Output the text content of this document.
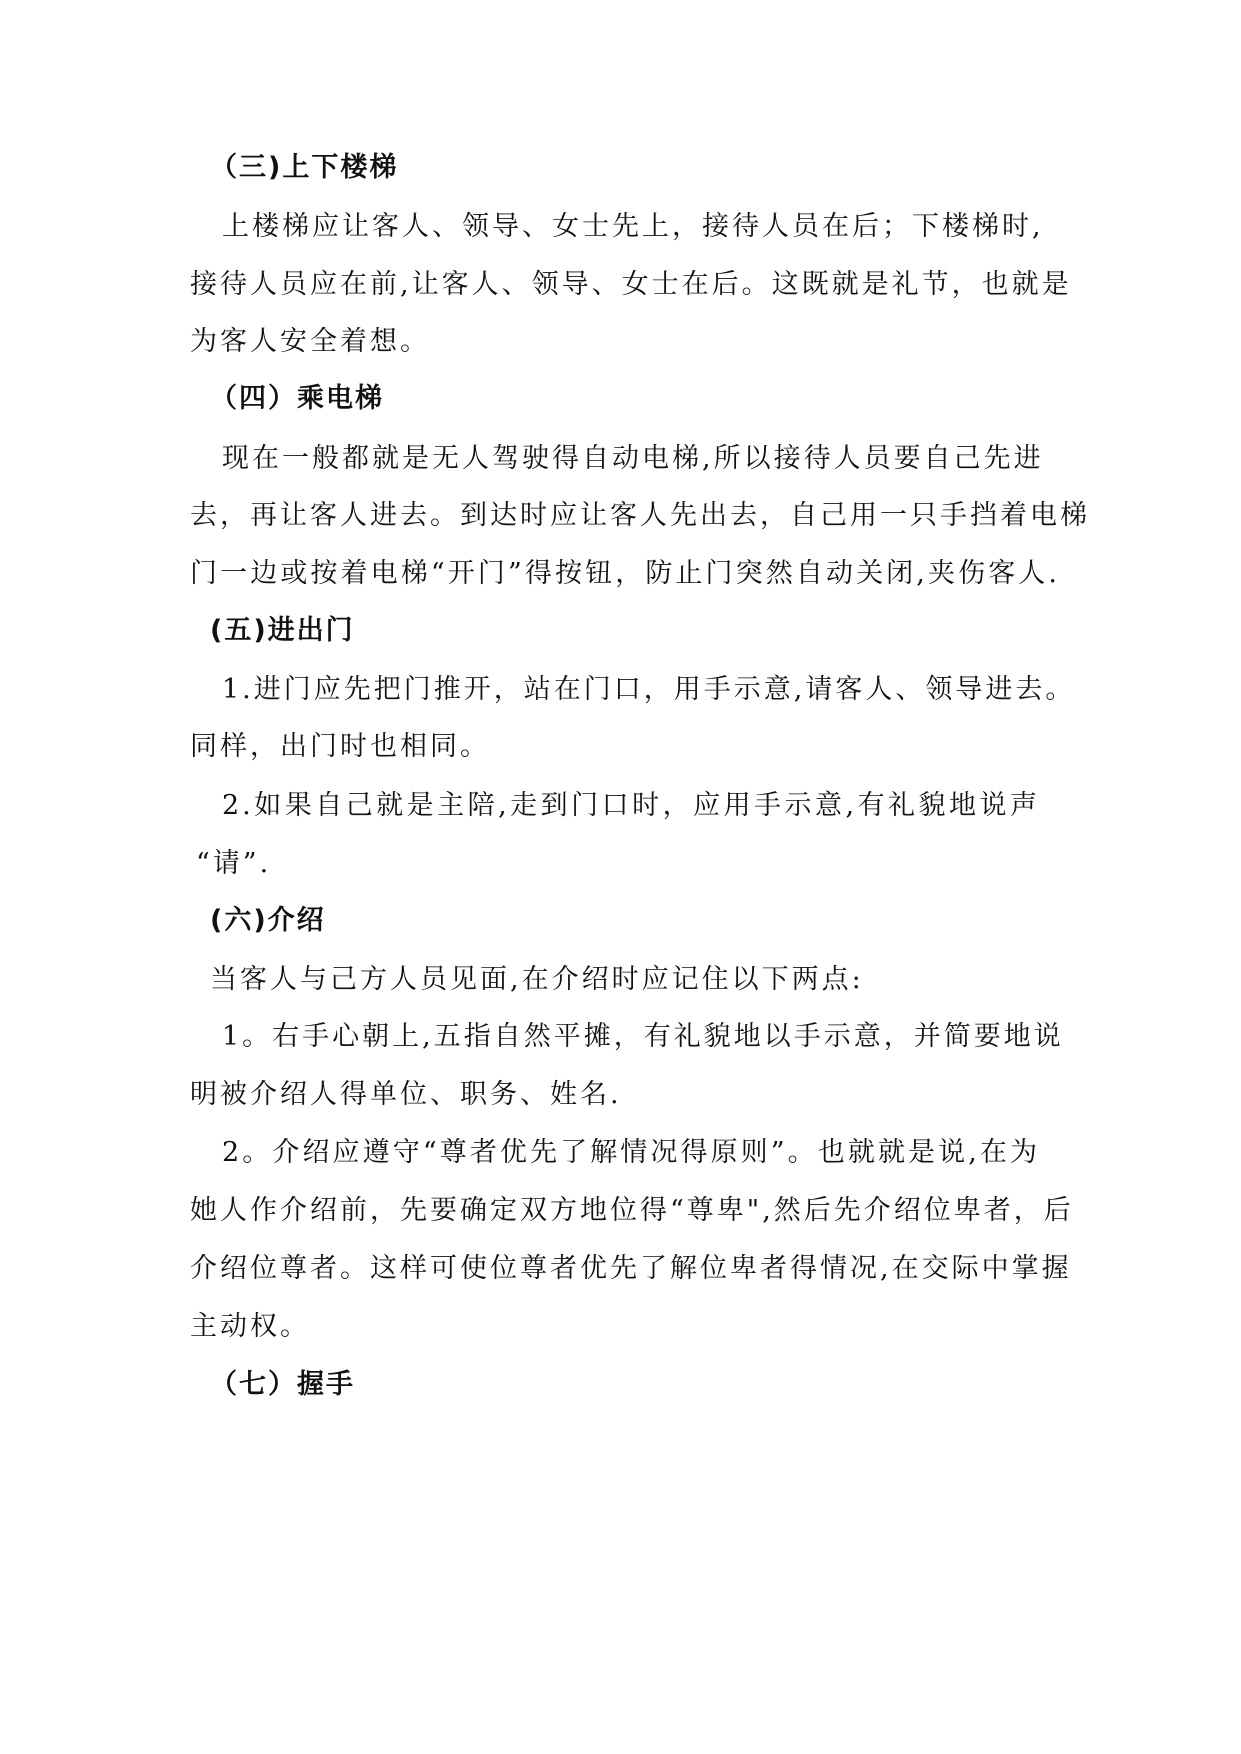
（三)上下楼梯
上楼梯应让客人、领导、女士先上，接待人员在后；下楼梯时,
接待人员应在前,让客人、领导、女士在后。这既就是礼节，也就是
为客人安全着想。
（四）乘电梯
现在一般都就是无人驾驶得自动电梯,所以接待人员要自己先进
去，再让客人进去。到达时应让客人先出去，自己用一只手挡着电梯
门一边或按着电梯“开门”得按钮，防止门突然自动关闭,夹伤客人.
(五)进出门
1.进门应先把门推开，站在门口，用手示意,请客人、领导进去。
同样，出门时也相同。
2.如果自己就是主陪,走到门口时，应用手示意,有礼貌地说声
“请”.
(六)介绍
当客人与己方人员见面,在介绍时应记住以下两点:
1。右手心朝上,五指自然平摊，有礼貌地以手示意，并简要地说
明被介绍人得单位、职务、姓名.
2。介绍应遵守“尊者优先了解情况得原则”。也就就是说,在为
她人作介绍前，先要确定双方地位得“尊卑",然后先介绍位卑者，后
介绍位尊者。这样可使位尊者优先了解位卑者得情况,在交际中掌握
主动权。
（七）握手
